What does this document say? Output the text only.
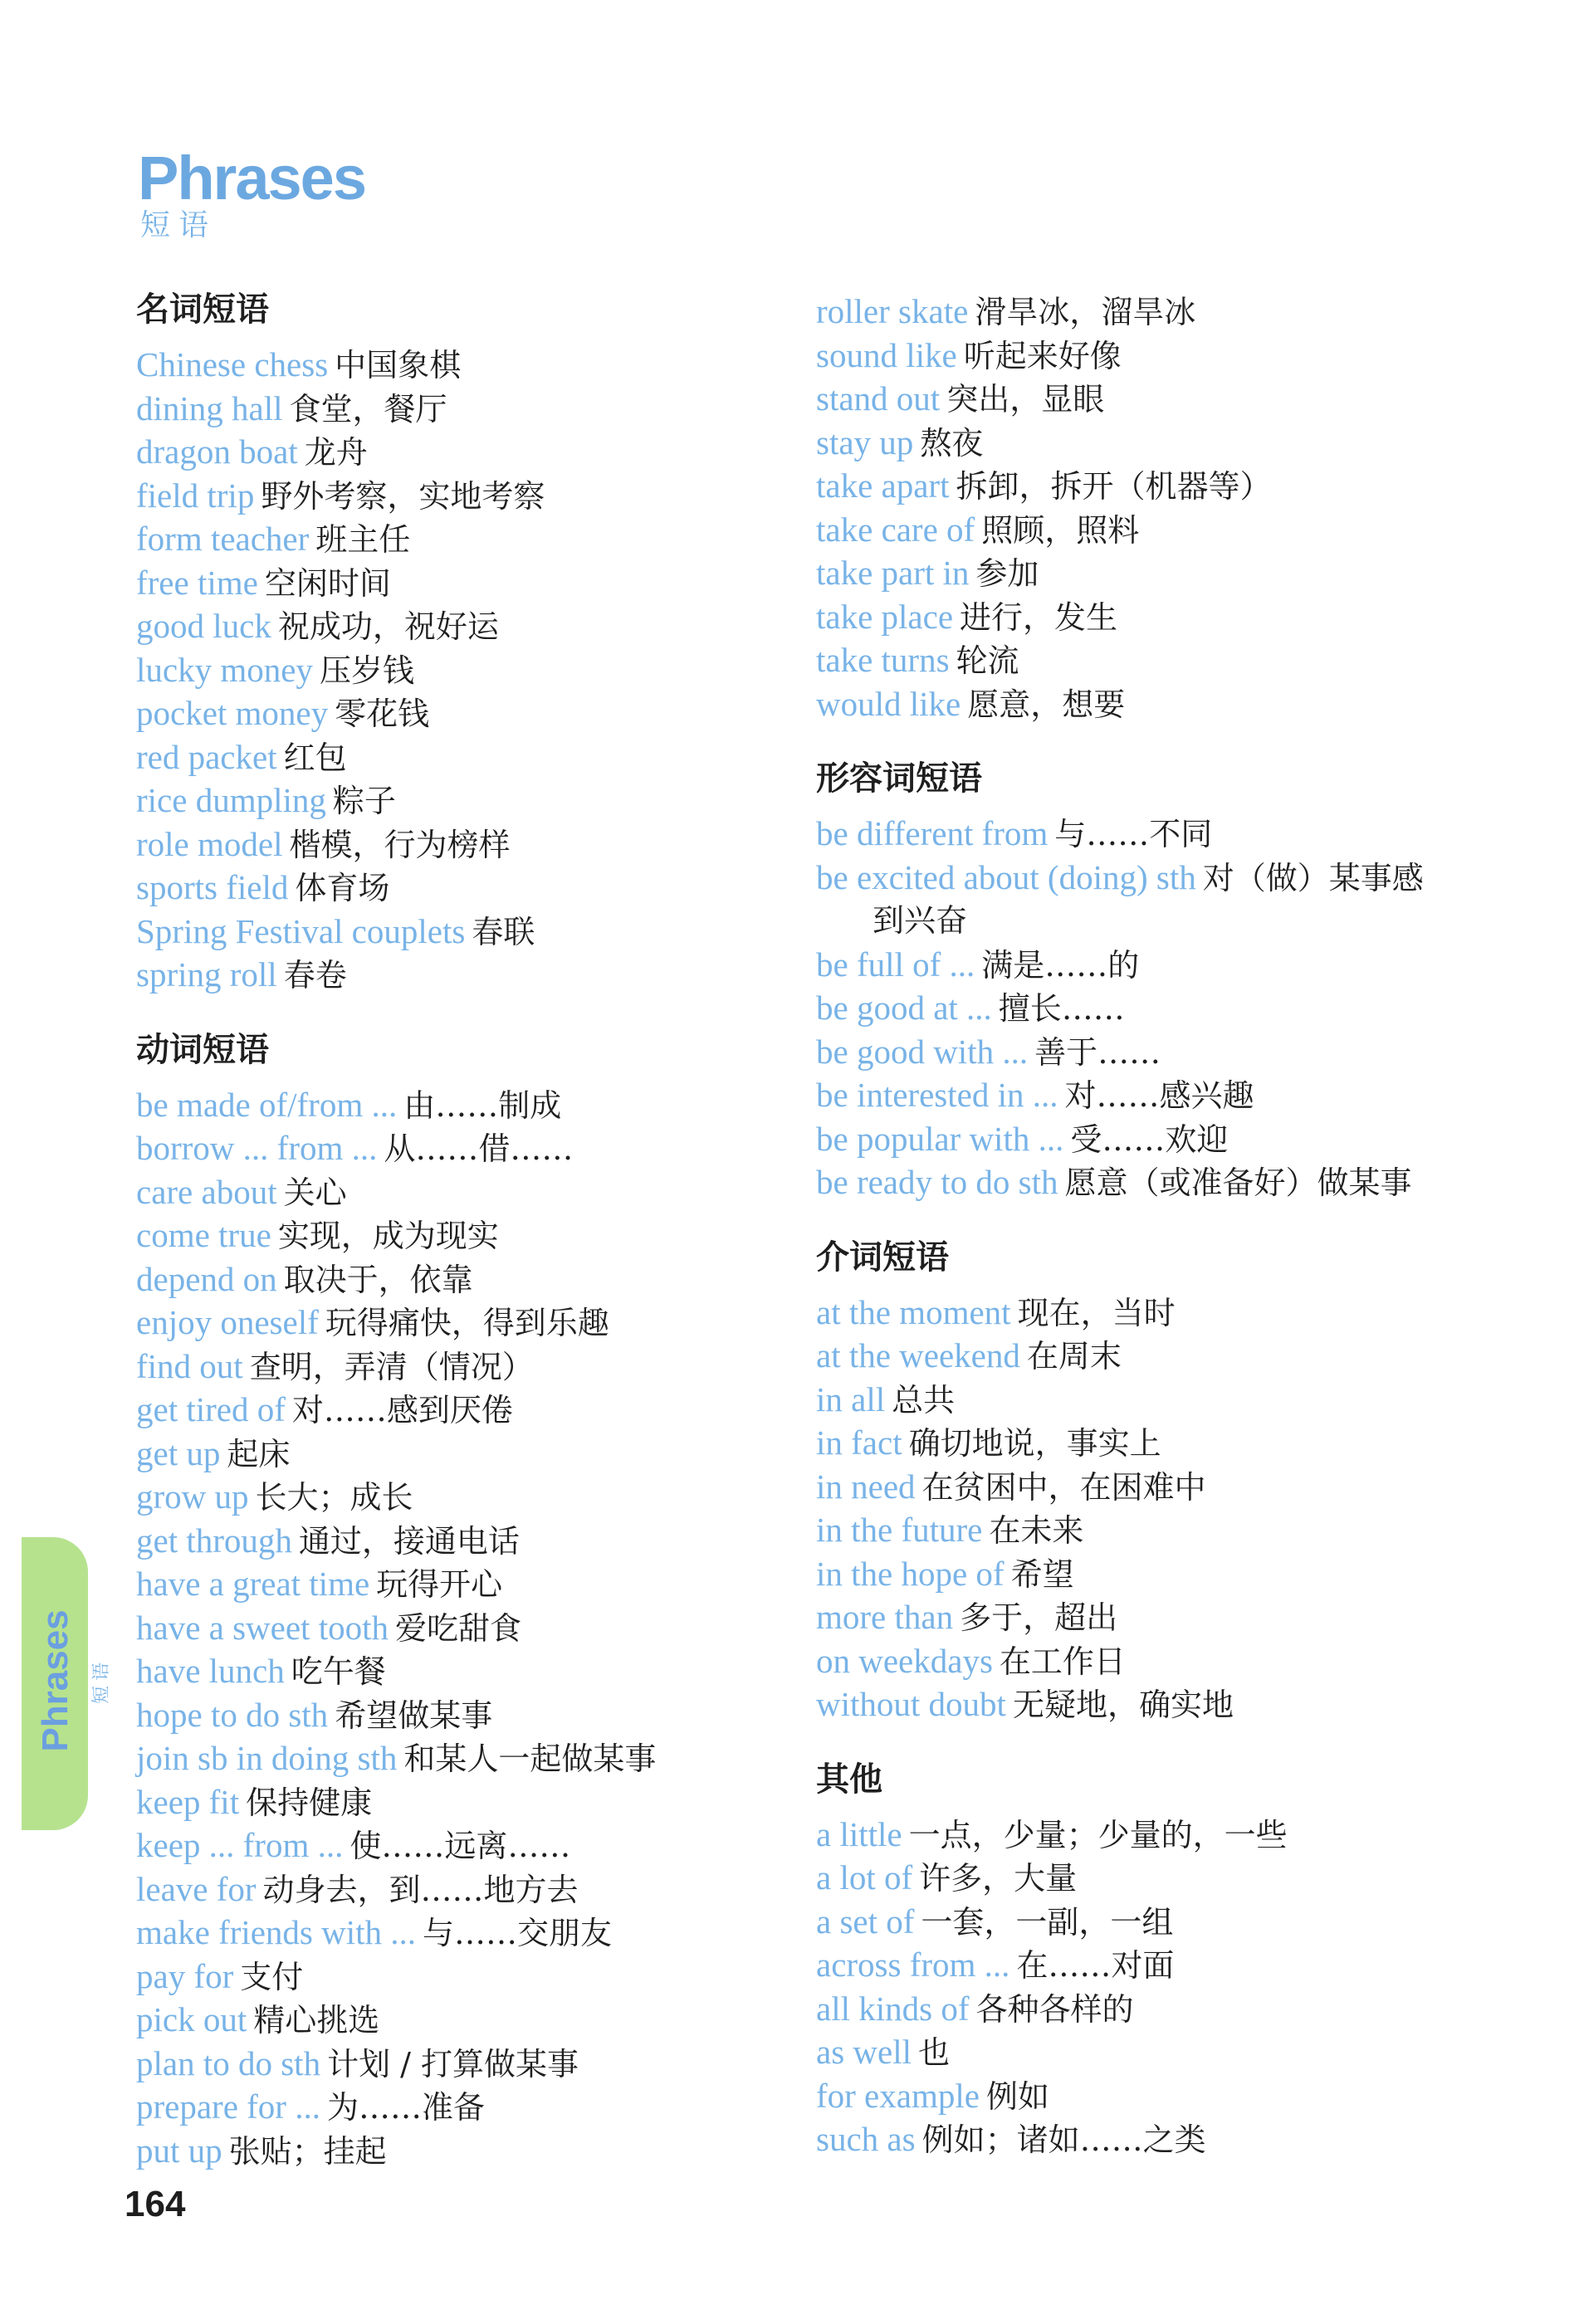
Phrases
短语
名词短语
Chinese chess 中国象棋
dining hall 食堂，餐厅
dragon boat 龙舟
field trip 野外考察，实地考察
form teacher 班主任
free time 空闲时间
good luck 祝成功，祝好运
lucky money 压岁钱
pocket money 零花钱
red packet 红包
rice dumpling 粽子
role model 楷模，行为榜样
sports field 体育场
Spring Festival couplets 春联
spring roll 春卷
动词短语
be made of/from ... 由……制成
borrow ... from ... 从……借……
care about 关心
come true 实现，成为现实
depend on 取决于，依靠
enjoy oneself 玩得痛快，得到乐趣
find out 查明，弄清（情况）
get tired of 对……感到厌倦
get up 起床
grow up 长大；成长
get through 通过，接通电话
have a great time 玩得开心
have a sweet tooth 爱吃甜食
have lunch 吃午餐
hope to do sth 希望做某事
join sb in doing sth 和某人一起做某事
keep fit 保持健康
keep ... from ... 使……远离……
leave for 动身去，到……地方去
make friends with ... 与……交朋友
pay for 支付
pick out 精心挑选
plan to do sth 计划 / 打算做某事
prepare for ... 为……准备
put up 张贴；挂起
roller skate 滑旱冰，溜旱冰
sound like 听起来好像
stand out 突出，显眼
stay up 熬夜
take apart 拆卸，拆开（机器等）
take care of 照顾，照料
take part in 参加
take place 进行，发生
take turns 轮流
would like 愿意，想要
形容词短语
be different from 与……不同
be excited about (doing) sth 对（做）某事感
到兴奋
be full of ... 满是……的
be good at ... 擅长……
be good with ... 善于……
be interested in ... 对……感兴趣
be popular with ... 受……欢迎
be ready to do sth 愿意（或准备好）做某事
介词短语
at the moment 现在，当时
at the weekend 在周末
in all 总共
in fact 确切地说，事实上
in need 在贫困中，在困难中
in the future 在未来
in the hope of 希望
more than 多于，超出
on weekdays 在工作日
without doubt 无疑地，确实地
其他
a little 一点，少量；少量的，一些
a lot of 许多，大量
a set of 一套，一副，一组
across from ... 在……对面
all kinds of 各种各样的
as well 也
for example 例如
such as 例如；诸如……之类
Phrases 短语
164
